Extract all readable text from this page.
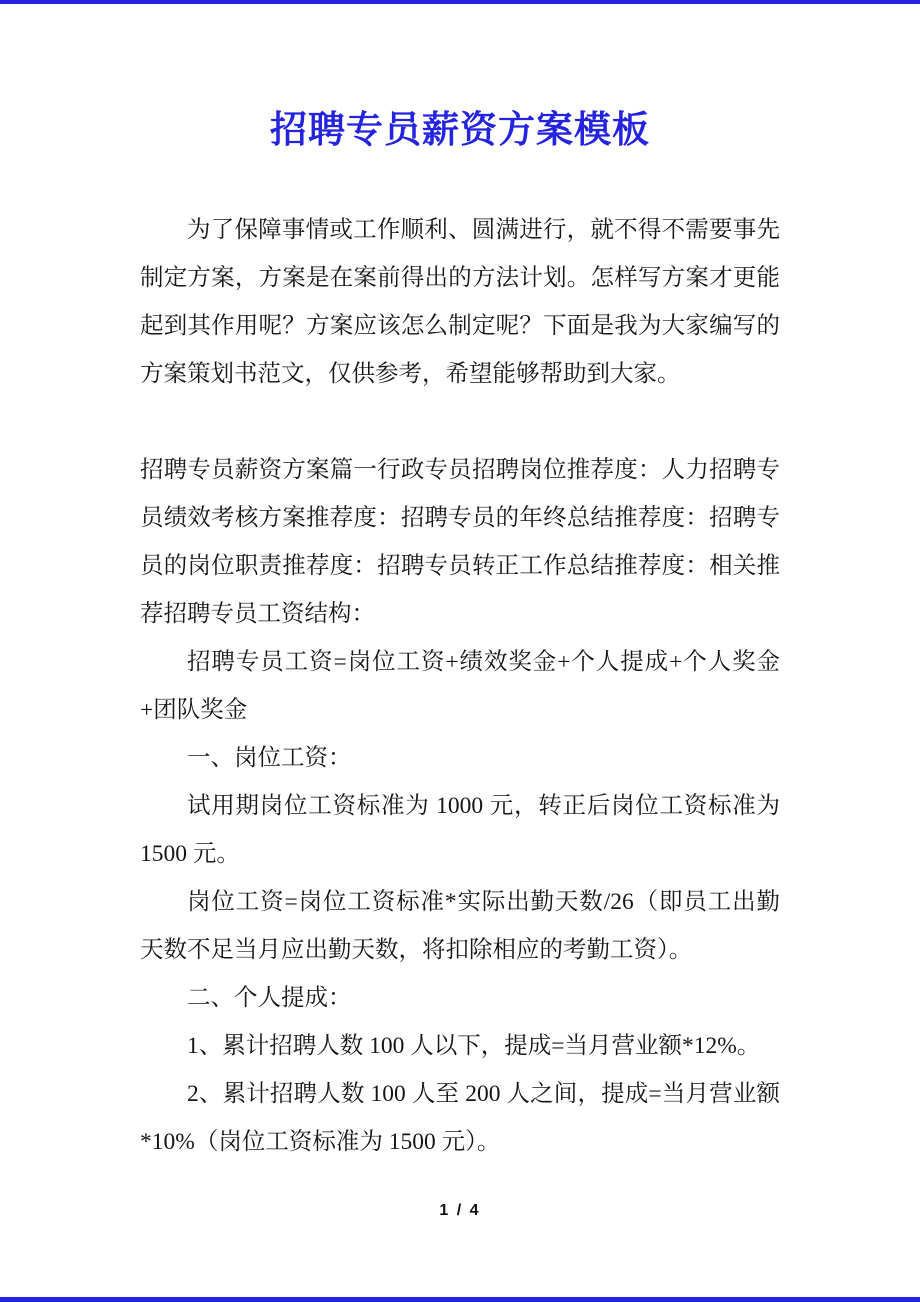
招聘专员薪资方案模板

为了保障事情或工作顺利、圆满进行，就不得不需要事先制定方案，方案是在案前得出的方法计划。怎样写方案才更能起到其作用呢？方案应该怎么制定呢？下面是我为大家编写的方案策划书范文，仅供参考，希望能够帮助到大家。

招聘专员薪资方案篇一行政专员招聘岗位推荐度：人力招聘专员绩效考核方案推荐度：招聘专员的年终总结推荐度：招聘专员的岗位职责推荐度：招聘专员转正工作总结推荐度：相关推荐招聘专员工资结构：

招聘专员工资=岗位工资+绩效奖金+个人提成+个人奖金+团队奖金

一、岗位工资：

试用期岗位工资标准为 1000 元，转正后岗位工资标准为 1500 元。

岗位工资=岗位工资标准*实际出勤天数/26（即员工出勤天数不足当月应出勤天数，将扣除相应的考勤工资）。

二、个人提成：

1、累计招聘人数 100 人以下，提成=当月营业额*12%。

2、累计招聘人数 100 人至 200 人之间，提成=当月营业额*10%（岗位工资标准为 1500 元）。

1 / 4
